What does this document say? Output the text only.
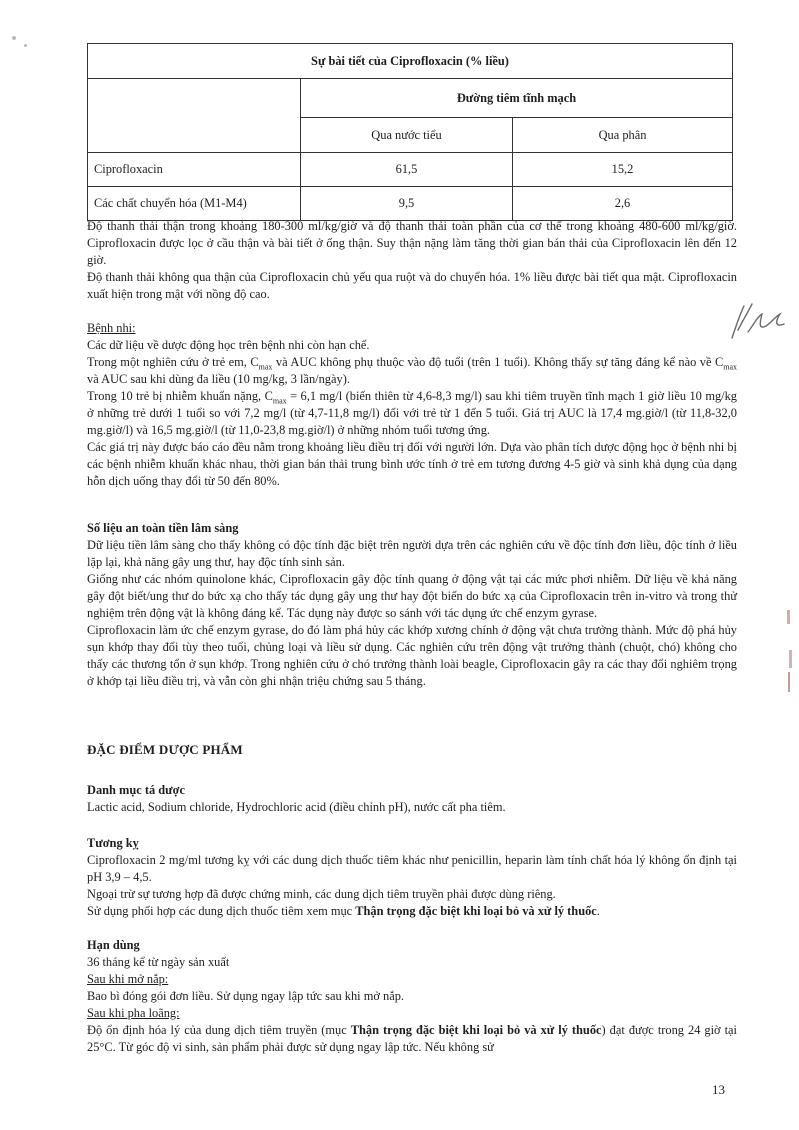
Sự bài tiết của Ciprofloxacin (% liều)		
	Đường tiêm tĩnh mạch	
	Qua nước tiểu	Qua phân
Ciprofloxacin	61,5	15,2
Các chất chuyển hóa (M1-M4)	9,5	2,6

Độ thanh thải thận trong khoảng 180-300 ml/kg/giờ và độ thanh thải toàn phần của cơ thể trong khoảng 480-600 ml/kg/giờ. Ciprofloxacin được lọc ở cầu thận và bài tiết ở ống thận. Suy thận nặng làm tăng thời gian bán thải của Ciprofloxacin lên đến 12 giờ.

Độ thanh thải không qua thận của Ciprofloxacin chủ yếu qua ruột và do chuyển hóa. 1% liều được bài tiết qua mật. Ciprofloxacin xuất hiện trong mật với nồng độ cao.

Bệnh nhi:

Các dữ liệu về dược động học trên bệnh nhi còn hạn chế.

Trong một nghiên cứu ở trẻ em, $C_{max}$ và AUC không phụ thuộc vào độ tuổi (trên 1 tuổi). Không thấy sự tăng đáng kể nào về $C_{max}$ và AUC sau khi dùng đa liều (10 mg/kg, 3 lần/ngày).

Trong 10 trẻ bị nhiễm khuẩn nặng, $C_{max} = 6,1$ mg/l (biến thiên từ 4,6-8,3 mg/l) sau khi tiêm truyền tĩnh mạch 1 giờ liều 10 mg/kg ở những trẻ dưới 1 tuổi so với 7,2 mg/l (từ 4,7-11,8 mg/l) đối với trẻ từ 1 đến 5 tuổi. Giá trị AUC là 17,4 mg.giờ/l (từ 11,8-32,0 mg.giờ/l) và 16,5 mg.giờ/l (từ 11,0-23,8 mg.giờ/l) ở những nhóm tuổi tương ứng.

Các giá trị này được báo cáo đều nằm trong khoảng liều điều trị đối với người lớn. Dựa vào phân tích dược động học ở bệnh nhi bị các bệnh nhiễm khuẩn khác nhau, thời gian bán thải trung bình ước tính ở trẻ em tương đương 4-5 giờ và sinh khả dụng của dạng hỗn dịch uống thay đổi từ 50 đến 80%.

Số liệu an toàn tiền lâm sàng

Dữ liệu tiền lâm sàng cho thấy không có độc tính đặc biệt trên người dựa trên các nghiên cứu về độc tính đơn liều, độc tính ở liều lặp lại, khả năng gây ung thư, hay độc tính sinh sản.

Giống như các nhóm quinolone khác, Ciprofloxacin gây độc tính quang ở động vật tại các mức phơi nhiễm. Dữ liệu về khả năng gây đột biết/ung thư do bức xạ cho thấy tác dụng gây ung thư hay đột biến do bức xạ của Ciprofloxacin trên in-vitro và trong thử nghiệm trên động vật là không đáng kể. Tác dụng này được so sánh với tác dụng ức chế enzym gyrase.

Ciprofloxacin làm ức chế enzym gyrase, do đó làm phá hủy các khớp xương chính ở động vật chưa trưởng thành. Mức độ phá hủy sụn khớp thay đổi tùy theo tuổi, chủng loại và liều sử dụng. Các nghiên cứu trên động vật trưởng thành (chuột, chó) không cho thấy các thương tổn ở sụn khớp. Trong nghiên cứu ở chó trưởng thành loài beagle, Ciprofloxacin gây ra các thay đổi nghiêm trọng ở khớp tại liều điều trị, và vẫn còn ghi nhận triệu chứng sau 5 tháng.

ĐẶC ĐIỂM DƯỢC PHẨM

Danh mục tá dược

Lactic acid, Sodium chloride, Hydrochloric acid (điều chỉnh pH), nước cất pha tiêm.

Tương kỵ

Ciprofloxacin 2 mg/ml tương kỵ với các dung dịch thuốc tiêm khác như penicillin, heparin làm tính chất hóa lý không ổn định tại pH 3,9 – 4,5.

Ngoại trừ sự tương hợp đã được chứng minh, các dung dịch tiêm truyền phải được dùng riêng.

Sử dụng phối hợp các dung dịch thuốc tiêm xem mục Thận trọng đặc biệt khi loại bỏ và xử lý thuốc.

Hạn dùng

36 tháng kể từ ngày sản xuất

Sau khi mở nắp:

Bao bì đóng gói đơn liều. Sử dụng ngay lập tức sau khi mở nắp.

Sau khi pha loãng:

Độ ổn định hóa lý của dung dịch tiêm truyền (mục Thận trọng đặc biệt khi loại bỏ và xử lý thuốc) đạt được trong 24 giờ tại 25°C. Từ góc độ vi sinh, sản phẩm phải được sử dụng ngay lập tức. Nếu không sử

13
